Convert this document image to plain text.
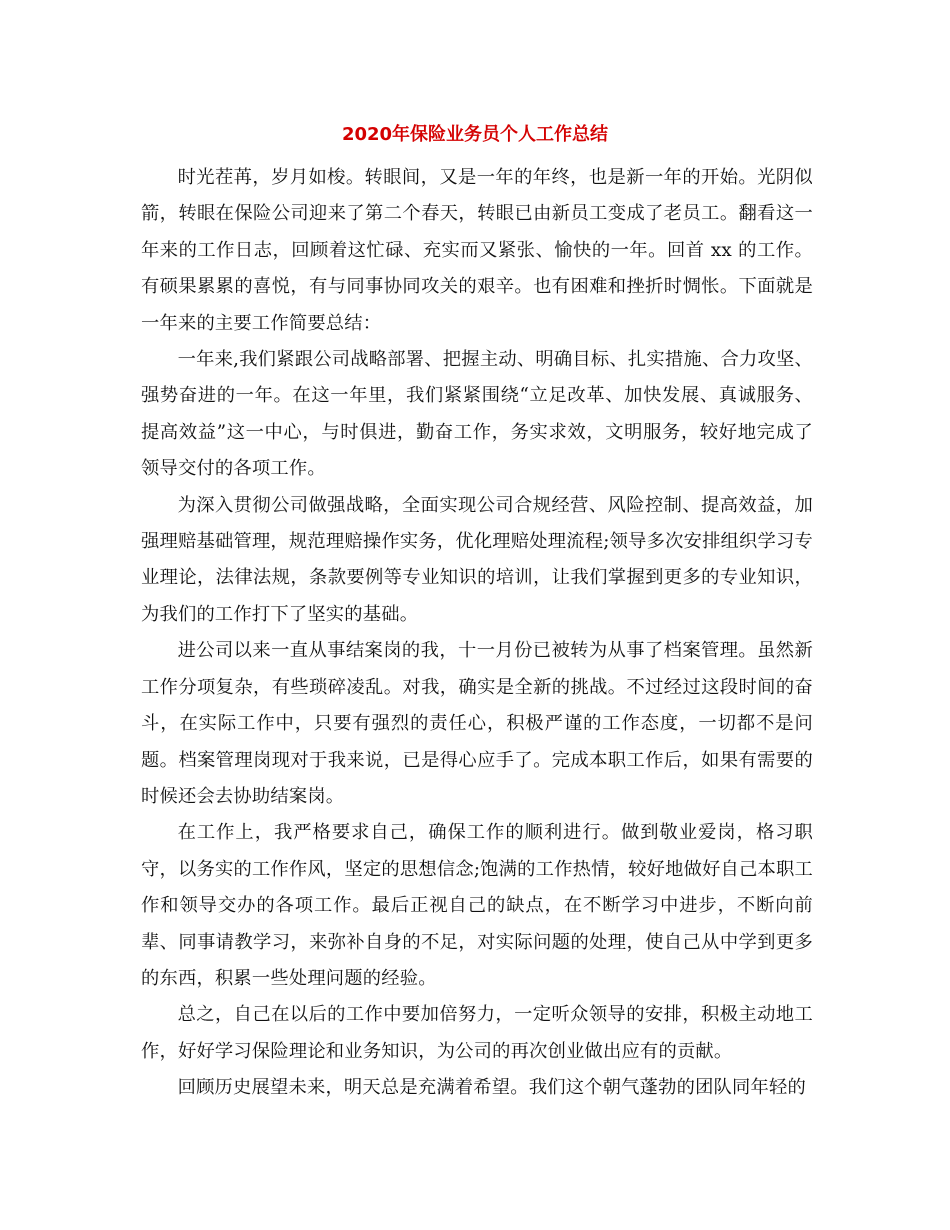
2020年保险业务员个人工作总结

时光茬苒，岁月如梭。转眼间，又是一年的年终，也是新一年的开始。光阴似箭，转眼在保险公司迎来了第二个春天，转眼已由新员工变成了老员工。翻看这一年来的工作日志，回顾着这忙碌、充实而又紧张、愉快的一年。回首 xx 的工作。有硕果累累的喜悦，有与同事协同攻关的艰辛。也有困难和挫折时惆怅。下面就是一年来的主要工作简要总结：

一年来,我们紧跟公司战略部署、把握主动、明确目标、扎实措施、合力攻坚、强势奋进的一年。在这一年里，我们紧紧围绕“立足改革、加快发展、真诚服务、提高效益”这一中心，与时俱进，勤奋工作，务实求效，文明服务，较好地完成了领导交付的各项工作。

为深入贯彻公司做强战略，全面实现公司合规经营、风险控制、提高效益，加强理赔基础管理，规范理赔操作实务，优化理赔处理流程;领导多次安排组织学习专业理论，法律法规，条款要例等专业知识的培训，让我们掌握到更多的专业知识，为我们的工作打下了坚实的基础。

进公司以来一直从事结案岗的我，十一月份已被转为从事了档案管理。虽然新工作分项复杂，有些琐碎凌乱。对我，确实是全新的挑战。不过经过这段时间的奋斗，在实际工作中，只要有强烈的责任心，积极严谨的工作态度，一切都不是问题。档案管理岗现对于我来说，已是得心应手了。完成本职工作后，如果有需要的时候还会去协助结案岗。

在工作上，我严格要求自己，确保工作的顺利进行。做到敬业爱岗，格习职守，以务实的工作作风，坚定的思想信念;饱满的工作热情，较好地做好自己本职工作和领导交办的各项工作。最后正视自己的缺点，在不断学习中进步，不断向前辈、同事请教学习，来弥补自身的不足，对实际问题的处理，使自己从中学到更多的东西，积累一些处理问题的经验。

总之，自己在以后的工作中要加倍努力，一定听众领导的安排，积极主动地工作，好好学习保险理论和业务知识，为公司的再次创业做出应有的贡献。

回顾历史展望未来，明天总是充满着希望。我们这个朝气蓬勃的团队同年轻的
